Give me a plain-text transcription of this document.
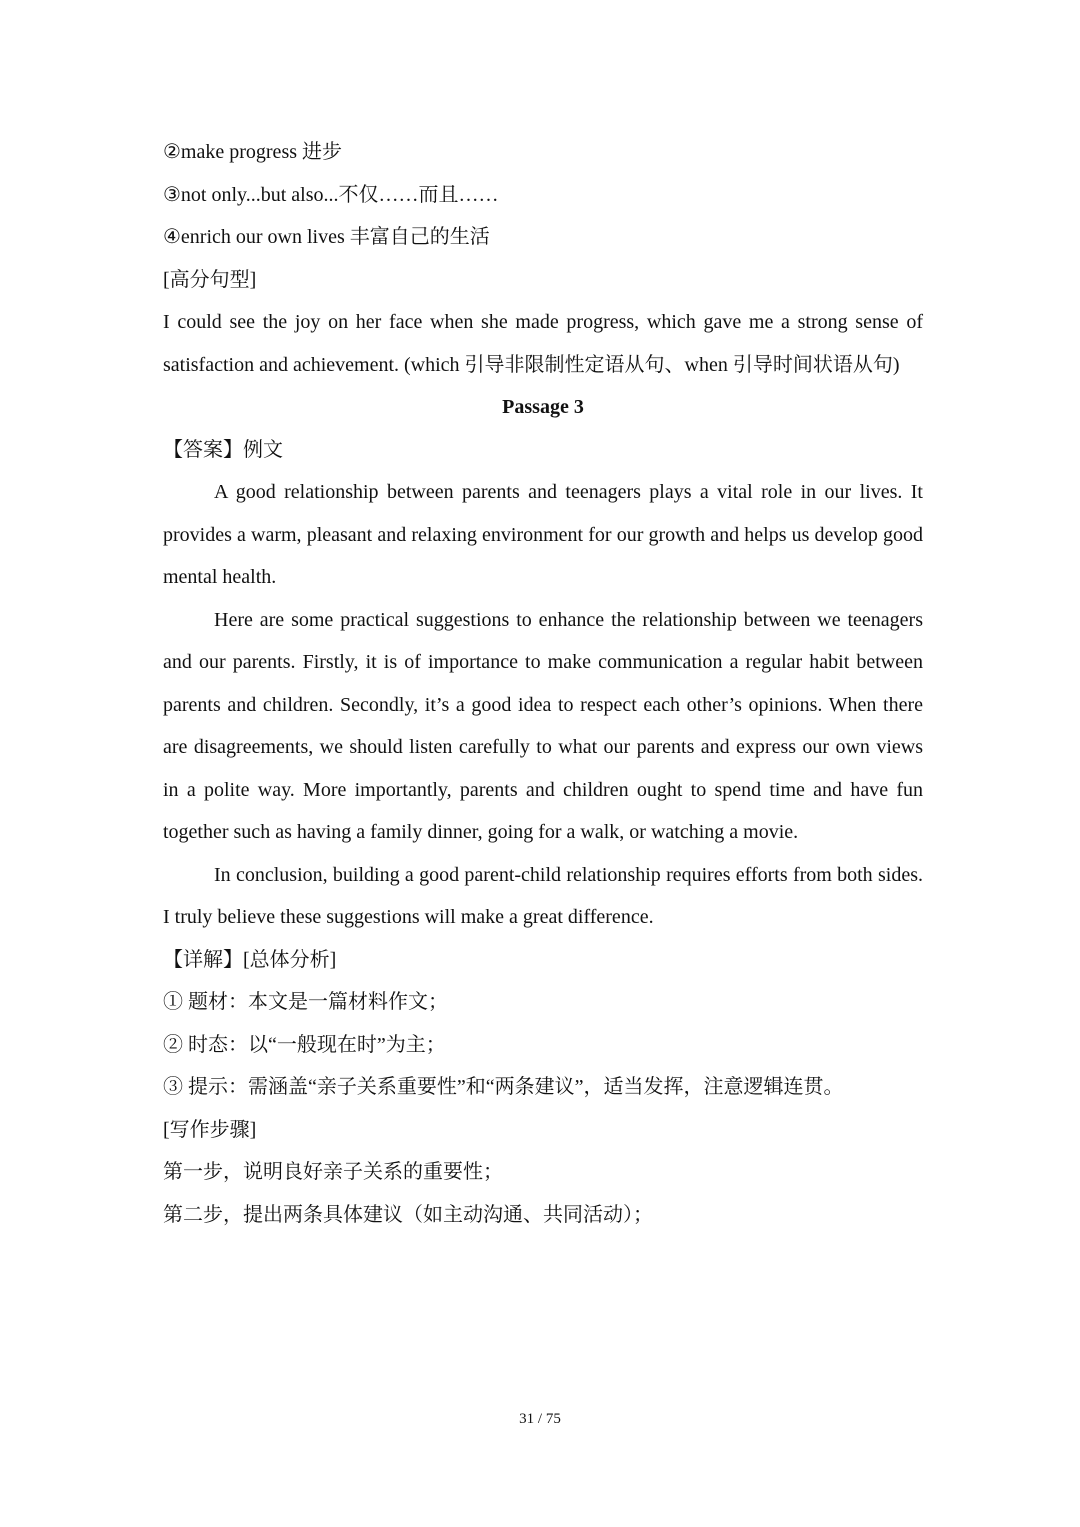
②make progress 进步
③not only...but also...不仅……而且……
④enrich our own lives 丰富自己的生活
[高分句型]
I could see the joy on her face when she made progress, which gave me a strong sense of satisfaction and achievement. (which 引导非限制性定语从句、when 引导时间状语从句)
Passage 3
【答案】例文
A good relationship between parents and teenagers plays a vital role in our lives. It provides a warm, pleasant and relaxing environment for our growth and helps us develop good mental health.
Here are some practical suggestions to enhance the relationship between we teenagers and our parents. Firstly, it is of importance to make communication a regular habit between parents and children. Secondly, it’s a good idea to respect each other’s opinions. When there are disagreements, we should listen carefully to what our parents and express our own views in a polite way. More importantly, parents and children ought to spend time and have fun together such as having a family dinner, going for a walk, or watching a movie.
In conclusion, building a good parent-child relationship requires efforts from both sides. I truly believe these suggestions will make a great difference.
【详解】[总体分析]
① 题材：本文是一篇材料作文；
② 时态：以“一般现在时”为主；
③ 提示：需涵盖“亲子关系重要性”和“两条建议”，适当发挥，注意逻辑连贯。
[写作步骤]
第一步，说明良好亲子关系的重要性；
第二步，提出两条具体建议（如主动沟通、共同活动）；
31 / 75
